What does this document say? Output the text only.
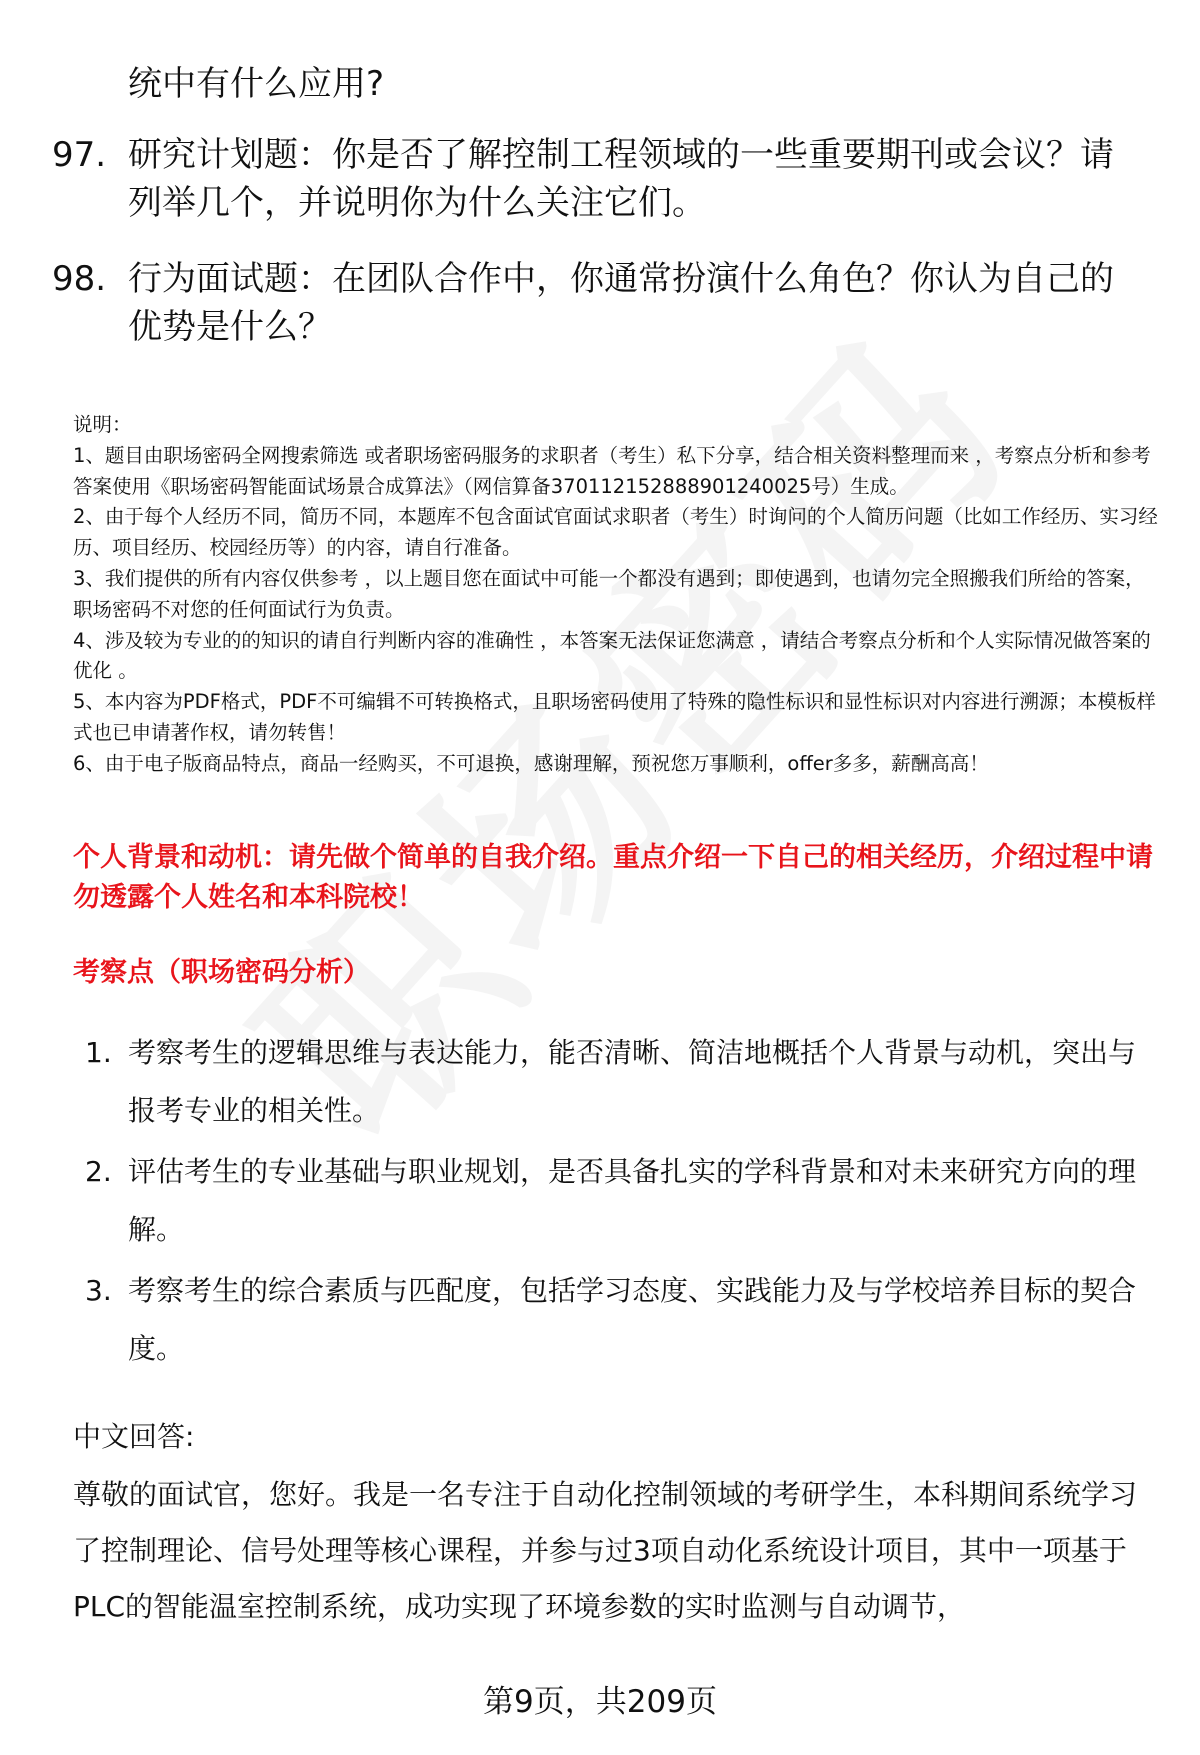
统中有什么应用?
97. 研究计划题：你是否了解控制工程领域的一些重要期刊或会议？请列举几个，并说明你为什么关注它们。
98. 行为面试题：在团队合作中，你通常扮演什么角色？你认为自己的优势是什么？
说明：
1、题目由职场密码全网搜索筛选 或者职场密码服务的求职者（考生）私下分享，结合相关资料整理而来 ，考察点分析和参考答案使用《职场密码智能面试场景合成算法》（网信算备370112152888901240025号）生成。
2、由于每个人经历不同，简历不同，本题库不包含面试官面试求职者（考生）时询问的个人简历问题（比如工作经历、实习经历、项目经历、校园经历等）的内容，请自行准备。
3、我们提供的所有内容仅供参考 ，以上题目您在面试中可能一个都没有遇到；即使遇到，也请勿完全照搬我们所给的答案，职场密码不对您的任何面试行为负责。
4、涉及较为专业的的知识的请自行判断内容的准确性 ，本答案无法保证您满意 ，请结合考察点分析和个人实际情况做答案的优化 。
5、本内容为PDF格式，PDF不可编辑不可转换格式，且职场密码使用了特殊的隐性标识和显性标识对内容进行溯源；本模板样式也已申请著作权，请勿转售！
6、由于电子版商品特点，商品一经购买，不可退换，感谢理解，预祝您万事顺利，offer多多，薪酬高高！
个人背景和动机：请先做个简单的自我介绍。重点介绍一下自己的相关经历，介绍过程中请勿透露个人姓名和本科院校！
考察点（职场密码分析）
1. 考察考生的逻辑思维与表达能力，能否清晰、简洁地概括个人背景与动机，突出与报考专业的相关性。
2. 评估考生的专业基础与职业规划，是否具备扎实的学科背景和对未来研究方向的理解。
3. 考察考生的综合素质与匹配度，包括学习态度、实践能力及与学校培养目标的契合度。
中文回答:
尊敬的面试官，您好。我是一名专注于自动化控制领域的考研学生，本科期间系统学习了控制理论、信号处理等核心课程，并参与过3项自动化系统设计项目，其中一项基于PLC的智能温室控制系统，成功实现了环境参数的实时监测与自动调节，
第9页，共209页
